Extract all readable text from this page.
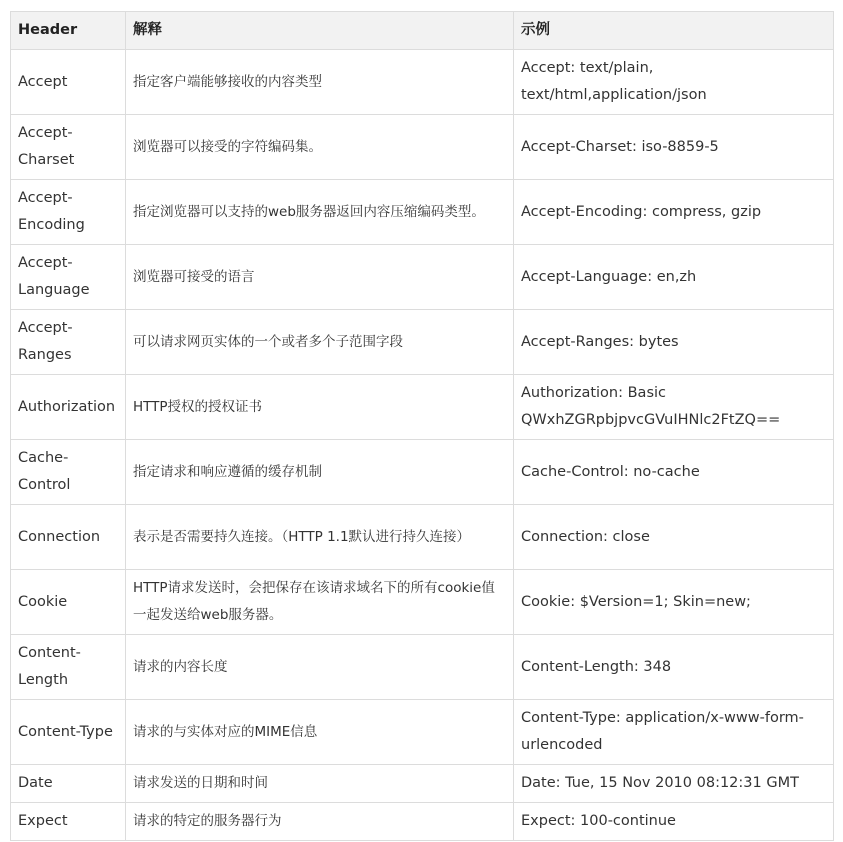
Header	解释	示例
Accept	指定客户端能够接收的内容类型	Accept: text/plain, text/html,application/json
Accept-Charset	浏览器可以接受的字符编码集。	Accept-Charset: iso-8859-5
Accept-Encoding	指定浏览器可以支持的web服务器返回内容压缩编码类型。	Accept-Encoding: compress, gzip
Accept-Language	浏览器可接受的语言	Accept-Language: en,zh
Accept-Ranges	可以请求网页实体的一个或者多个子范围字段	Accept-Ranges: bytes
Authorization	HTTP授权的授权证书	Authorization: Basic QWxhZGRpbjpvcGVuIHNlc2FtZQ==
Cache-Control	指定请求和响应遵循的缓存机制	Cache-Control: no-cache
Connection	表示是否需要持久连接。（HTTP 1.1默认进行持久连接）	Connection: close
Cookie	HTTP请求发送时，会把保存在该请求域名下的所有cookie值一起发送给web服务器。	Cookie: $Version=1; Skin=new;
Content-Length	请求的内容长度	Content-Length: 348
Content-Type	请求的与实体对应的MIME信息	Content-Type: application/x-www-form-urlencoded
Date	请求发送的日期和时间	Date: Tue, 15 Nov 2010 08:12:31 GMT
Expect	请求的特定的服务器行为	Expect: 100-continue
